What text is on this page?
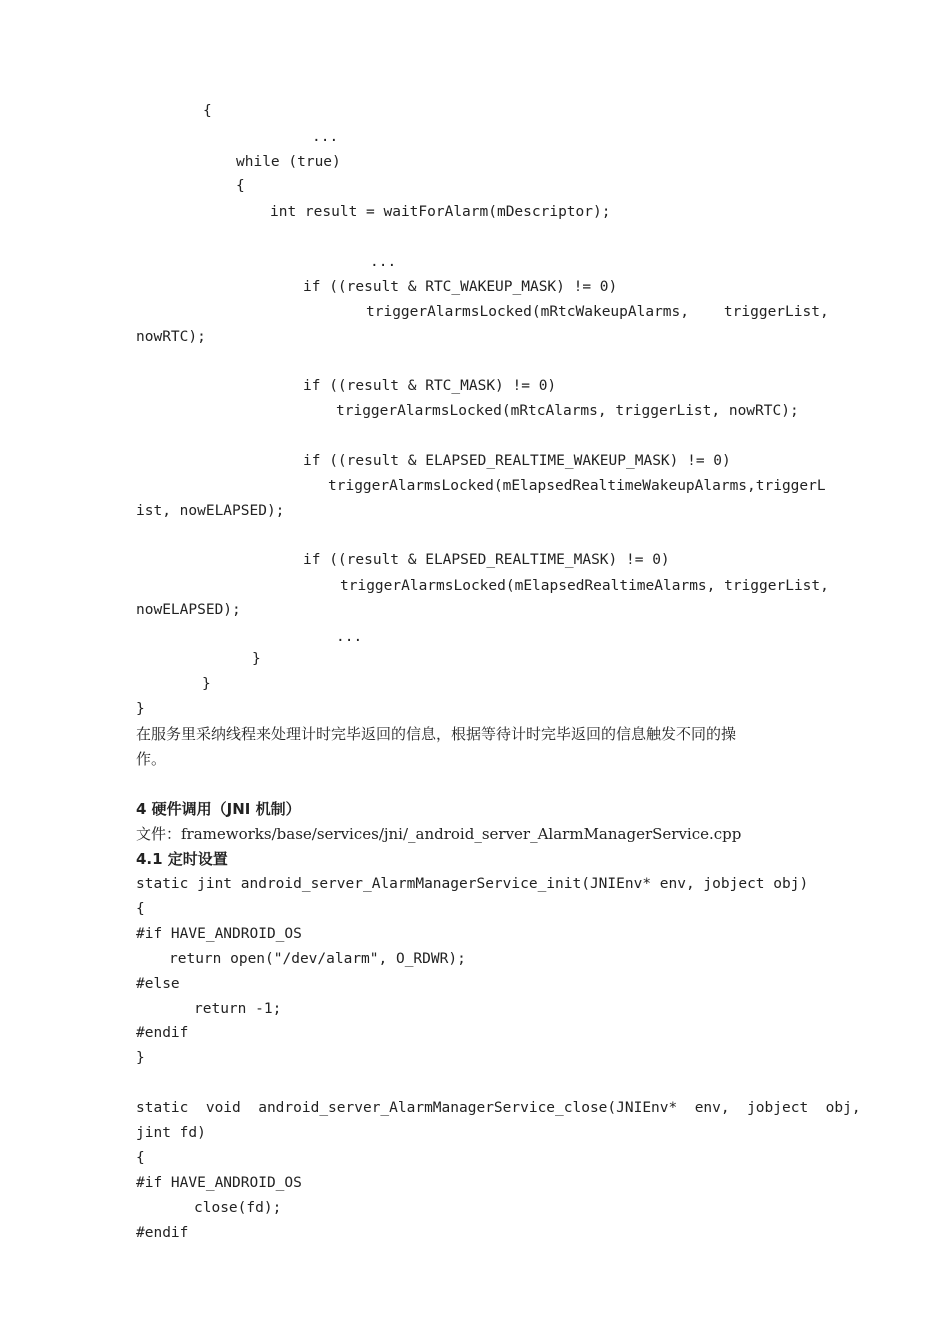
{
...
while (true)
{
int result = waitForAlarm(mDescriptor);
...
if ((result & RTC_WAKEUP_MASK) != 0)
triggerAlarmsLocked(mRtcWakeupAlarms,    triggerList,
nowRTC);
if ((result & RTC_MASK) != 0)
triggerAlarmsLocked(mRtcAlarms, triggerList, nowRTC);
if ((result & ELAPSED_REALTIME_WAKEUP_MASK) != 0)
triggerAlarmsLocked(mElapsedRealtimeWakeupAlarms,triggerL
ist, nowELAPSED);
if ((result & ELAPSED_REALTIME_MASK) != 0)
triggerAlarmsLocked(mElapsedRealtimeAlarms, triggerList,
nowELAPSED);
...
}
}
}
在服务里采纳线程来处理计时完毕返回的信息，根据等待计时完毕返回的信息触发不同的操
作。
4 硬件调用（JNI 机制）
文件：frameworks/base/services/jni/_android_server_AlarmManagerService.cpp
4.1 定时设置
static jint android_server_AlarmManagerService_init(JNIEnv* env, jobject obj)
{
#if HAVE_ANDROID_OS
return open("/dev/alarm", O_RDWR);
#else
return -1;
#endif
}
static  void  android_server_AlarmManagerService_close(JNIEnv*  env,  jobject  obj,
jint fd)
{
#if HAVE_ANDROID_OS
close(fd);
#endif
